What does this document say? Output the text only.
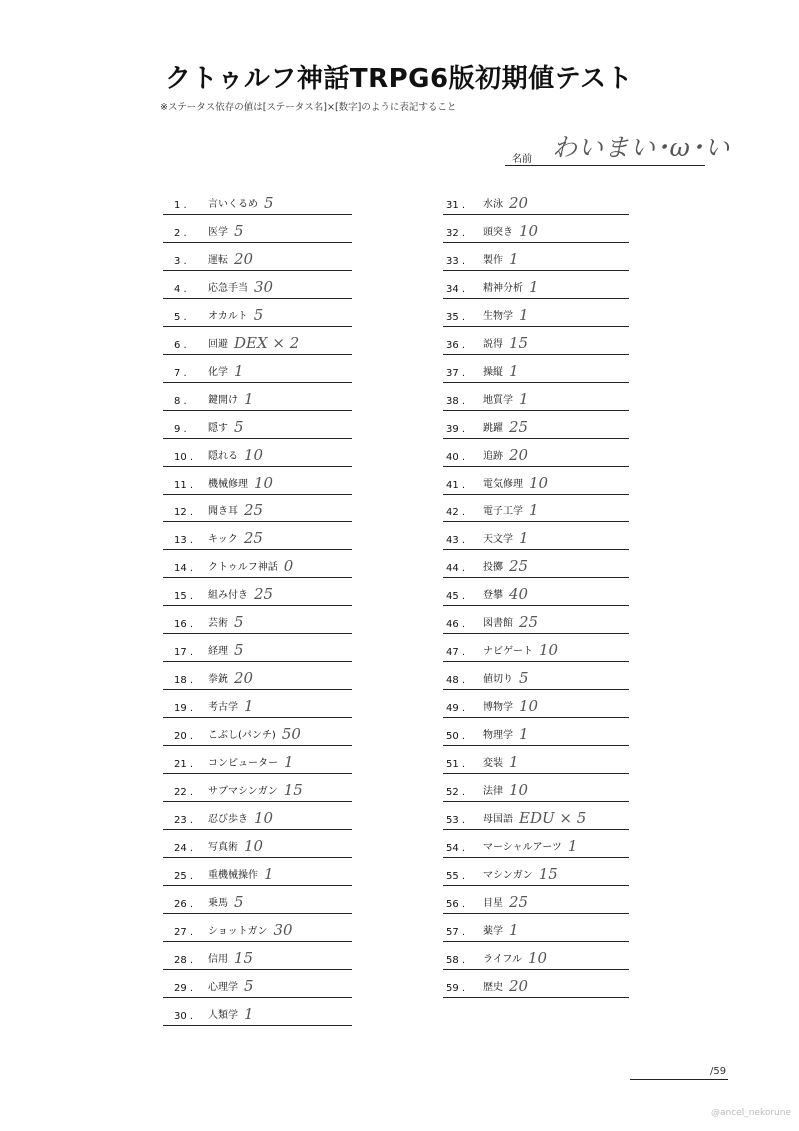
クトゥルフ神話TRPG6版初期値テスト
※ステータス依存の値は[ステータス名]×[数字]のように表記すること
名前 わいまい･ω･い
1 .	言いくるめ 5
2 .	医学 5
3 .	運転 20
4 .	応急手当 30
5 .	オカルト 5
6 .	回避 DEX × 2
7 .	化学 1
8 .	鍵開け 1
9 .	隠す 5
10 .	隠れる 10
11 .	機械修理 10
12 .	聞き耳 25
13 .	キック 25
14 .	クトゥルフ神話 0
15 .	組み付き 25
16 .	芸術 5
17 .	経理 5
18 .	拳銃 20
19 .	考古学 1
20 .	こぶし(パンチ) 50
21 .	コンピューター 1
22 .	サブマシンガン 15
23 .	忍び歩き 10
24 .	写真術 10
25 .	重機械操作 1
26 .	乗馬 5
27 .	ショットガン 30
28 .	信用 15
29 .	心理学 5
30 .	人類学 1
31 .	水泳 20
32 .	頭突き 10
33 .	製作 1
34 .	精神分析 1
35 .	生物学 1
36 .	説得 15
37 .	操縦 1
38 .	地質学 1
39 .	跳躍 25
40 .	追跡 20
41 .	電気修理 10
42 .	電子工学 1
43 .	天文学 1
44 .	投擲 25
45 .	登攀 40
46 .	図書館 25
47 .	ナビゲート 10
48 .	値切り 5
49 .	博物学 10
50 .	物理学 1
51 .	変装 1
52 .	法律 10
53 .	母国語 EDU × 5
54 .	マーシャルアーツ 1
55 .	マシンガン 15
56 .	目星 25
57 .	薬学 1
58 .	ライフル 10
59 .	歴史 20
/59
@ancel_nekorune
